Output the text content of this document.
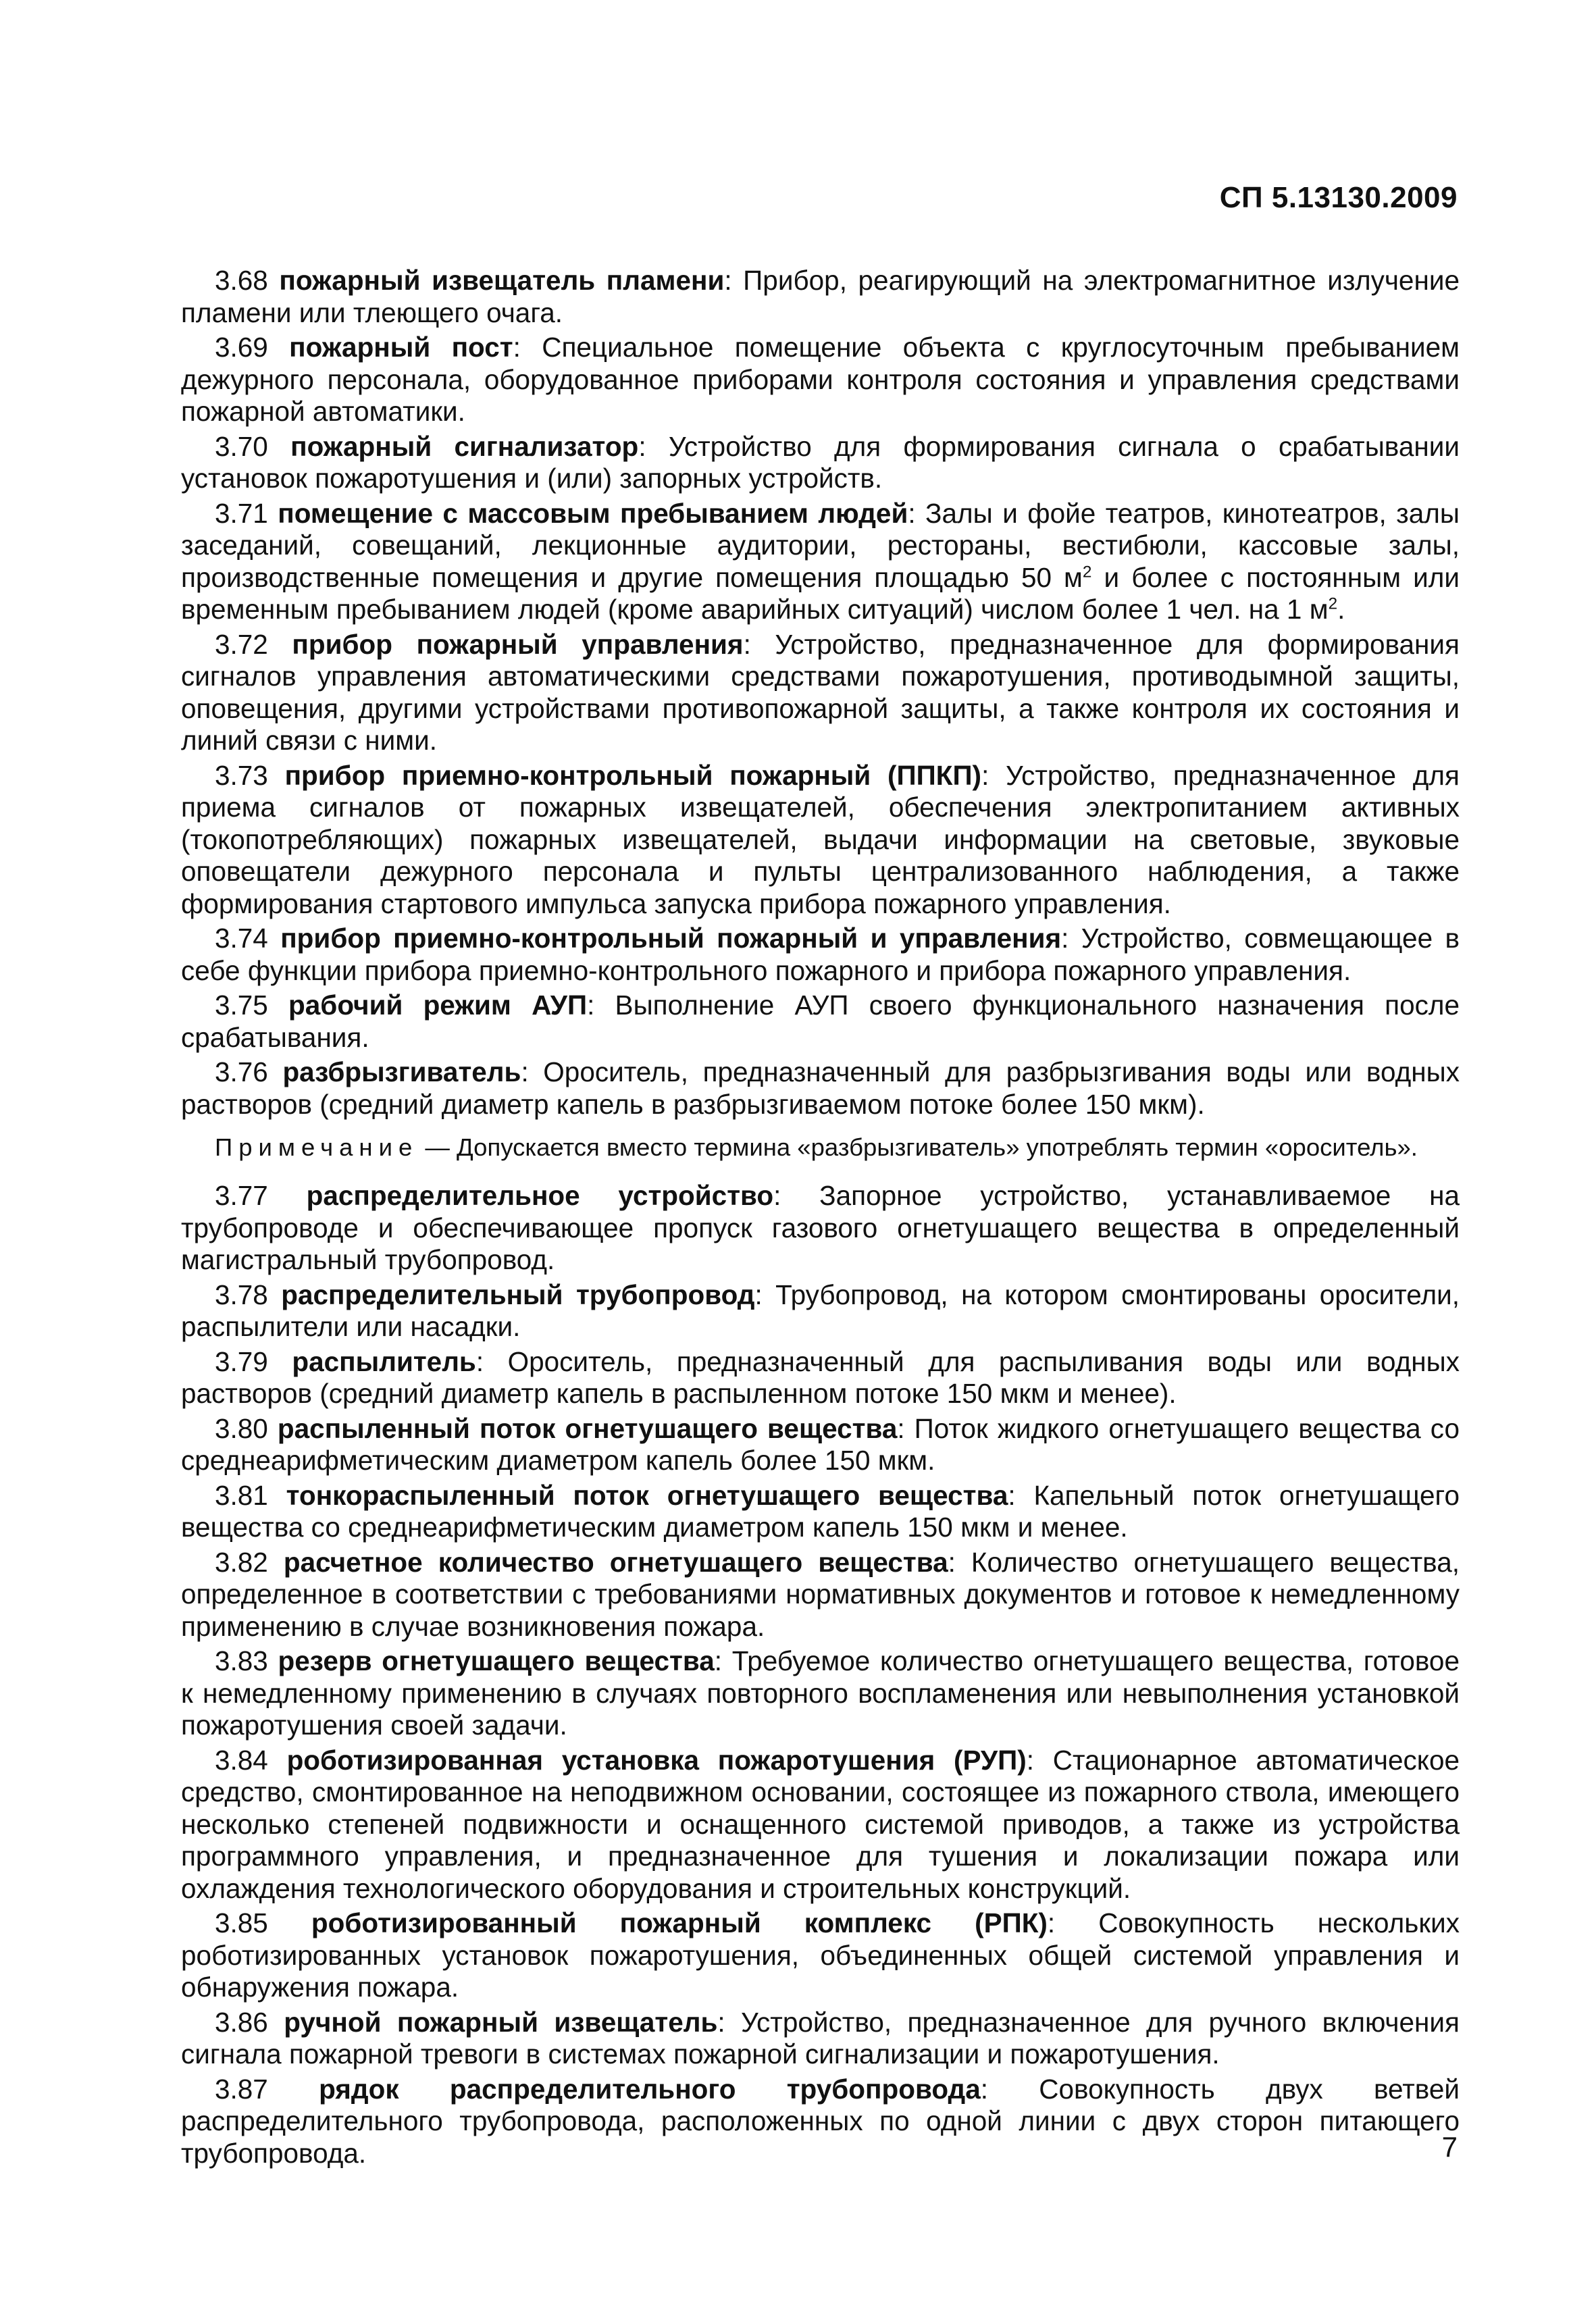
СП 5.13130.2009

3.68 пожарный извещатель пламени: Прибор, реагирующий на электромагнитное излучение пламени или тлеющего очага.

3.69 пожарный пост: Специальное помещение объекта с круглосуточным пребыванием дежурного персонала, оборудованное приборами контроля состояния и управления средствами пожарной автоматики.

3.70 пожарный сигнализатор: Устройство для формирования сигнала о срабатывании установок пожаротушения и (или) запорных устройств.

3.71 помещение с массовым пребыванием людей: Залы и фойе театров, кинотеатров, залы заседаний, совещаний, лекционные аудитории, рестораны, вестибюли, кассовые залы, производственные помещения и другие помещения площадью 50 $м^2$ и более с постоянным или временным пребыванием людей (кроме аварийных ситуаций) числом более 1 чел. на 1 $м^2$.

3.72 прибор пожарный управления: Устройство, предназначенное для формирования сигналов управления автоматическими средствами пожаротушения, противодымной защиты, оповещения, другими устройствами противопожарной защиты, а также контроля их состояния и линий связи с ними.

3.73 прибор приемно-контрольный пожарный (ППКП): Устройство, предназначенное для приема сигналов от пожарных извещателей, обеспечения электропитанием активных (токопотребляющих) пожарных извещателей, выдачи информации на световые, звуковые оповещатели дежурного персонала и пульты централизованного наблюдения, а также формирования стартового импульса запуска прибора пожарного управления.

3.74 прибор приемно-контрольный пожарный и управления: Устройство, совмещающее в себе функции прибора приемно-контрольного пожарного и прибора пожарного управления.

3.75 рабочий режим АУП: Выполнение АУП своего функционального назначения после срабатывания.

3.76 разбрызгиватель: Ороситель, предназначенный для разбрызгивания воды или водных растворов (средний диаметр капель в разбрызгиваемом потоке более 150 мкм).

Примечание — Допускается вместо термина «разбрызгиватель» употреблять термин «ороситель».

3.77 распределительное устройство: Запорное устройство, устанавливаемое на трубопроводе и обеспечивающее пропуск газового огнетушащего вещества в определенный магистральный трубопровод.

3.78 распределительный трубопровод: Трубопровод, на котором смонтированы оросители, распылители или насадки.

3.79 распылитель: Ороситель, предназначенный для распыливания воды или водных растворов (средний диаметр капель в распыленном потоке 150 мкм и менее).

3.80 распыленный поток огнетушащего вещества: Поток жидкого огнетушащего вещества со среднеарифметическим диаметром капель более 150 мкм.

3.81 тонкораспыленный поток огнетушащего вещества: Капельный поток огнетушащего вещества со среднеарифметическим диаметром капель 150 мкм и менее.

3.82 расчетное количество огнетушащего вещества: Количество огнетушащего вещества, определенное в соответствии с требованиями нормативных документов и готовое к немедленному применению в случае возникновения пожара.

3.83 резерв огнетушащего вещества: Требуемое количество огнетушащего вещества, готовое к немедленному применению в случаях повторного воспламенения или невыполнения установкой пожаротушения своей задачи.

3.84 роботизированная установка пожаротушения (РУП): Стационарное автоматическое средство, смонтированное на неподвижном основании, состоящее из пожарного ствола, имеющего несколько степеней подвижности и оснащенного системой приводов, а также из устройства программного управления, и предназначенное для тушения и локализации пожара или охлаждения технологического оборудования и строительных конструкций.

3.85 роботизированный пожарный комплекс (РПК): Совокупность нескольких роботизированных установок пожаротушения, объединенных общей системой управления и обнаружения пожара.

3.86 ручной пожарный извещатель: Устройство, предназначенное для ручного включения сигнала пожарной тревоги в системах пожарной сигнализации и пожаротушения.

3.87 рядок распределительного трубопровода: Совокупность двух ветвей распределительного трубопровода, расположенных по одной линии с двух сторон питающего трубопровода.	7
